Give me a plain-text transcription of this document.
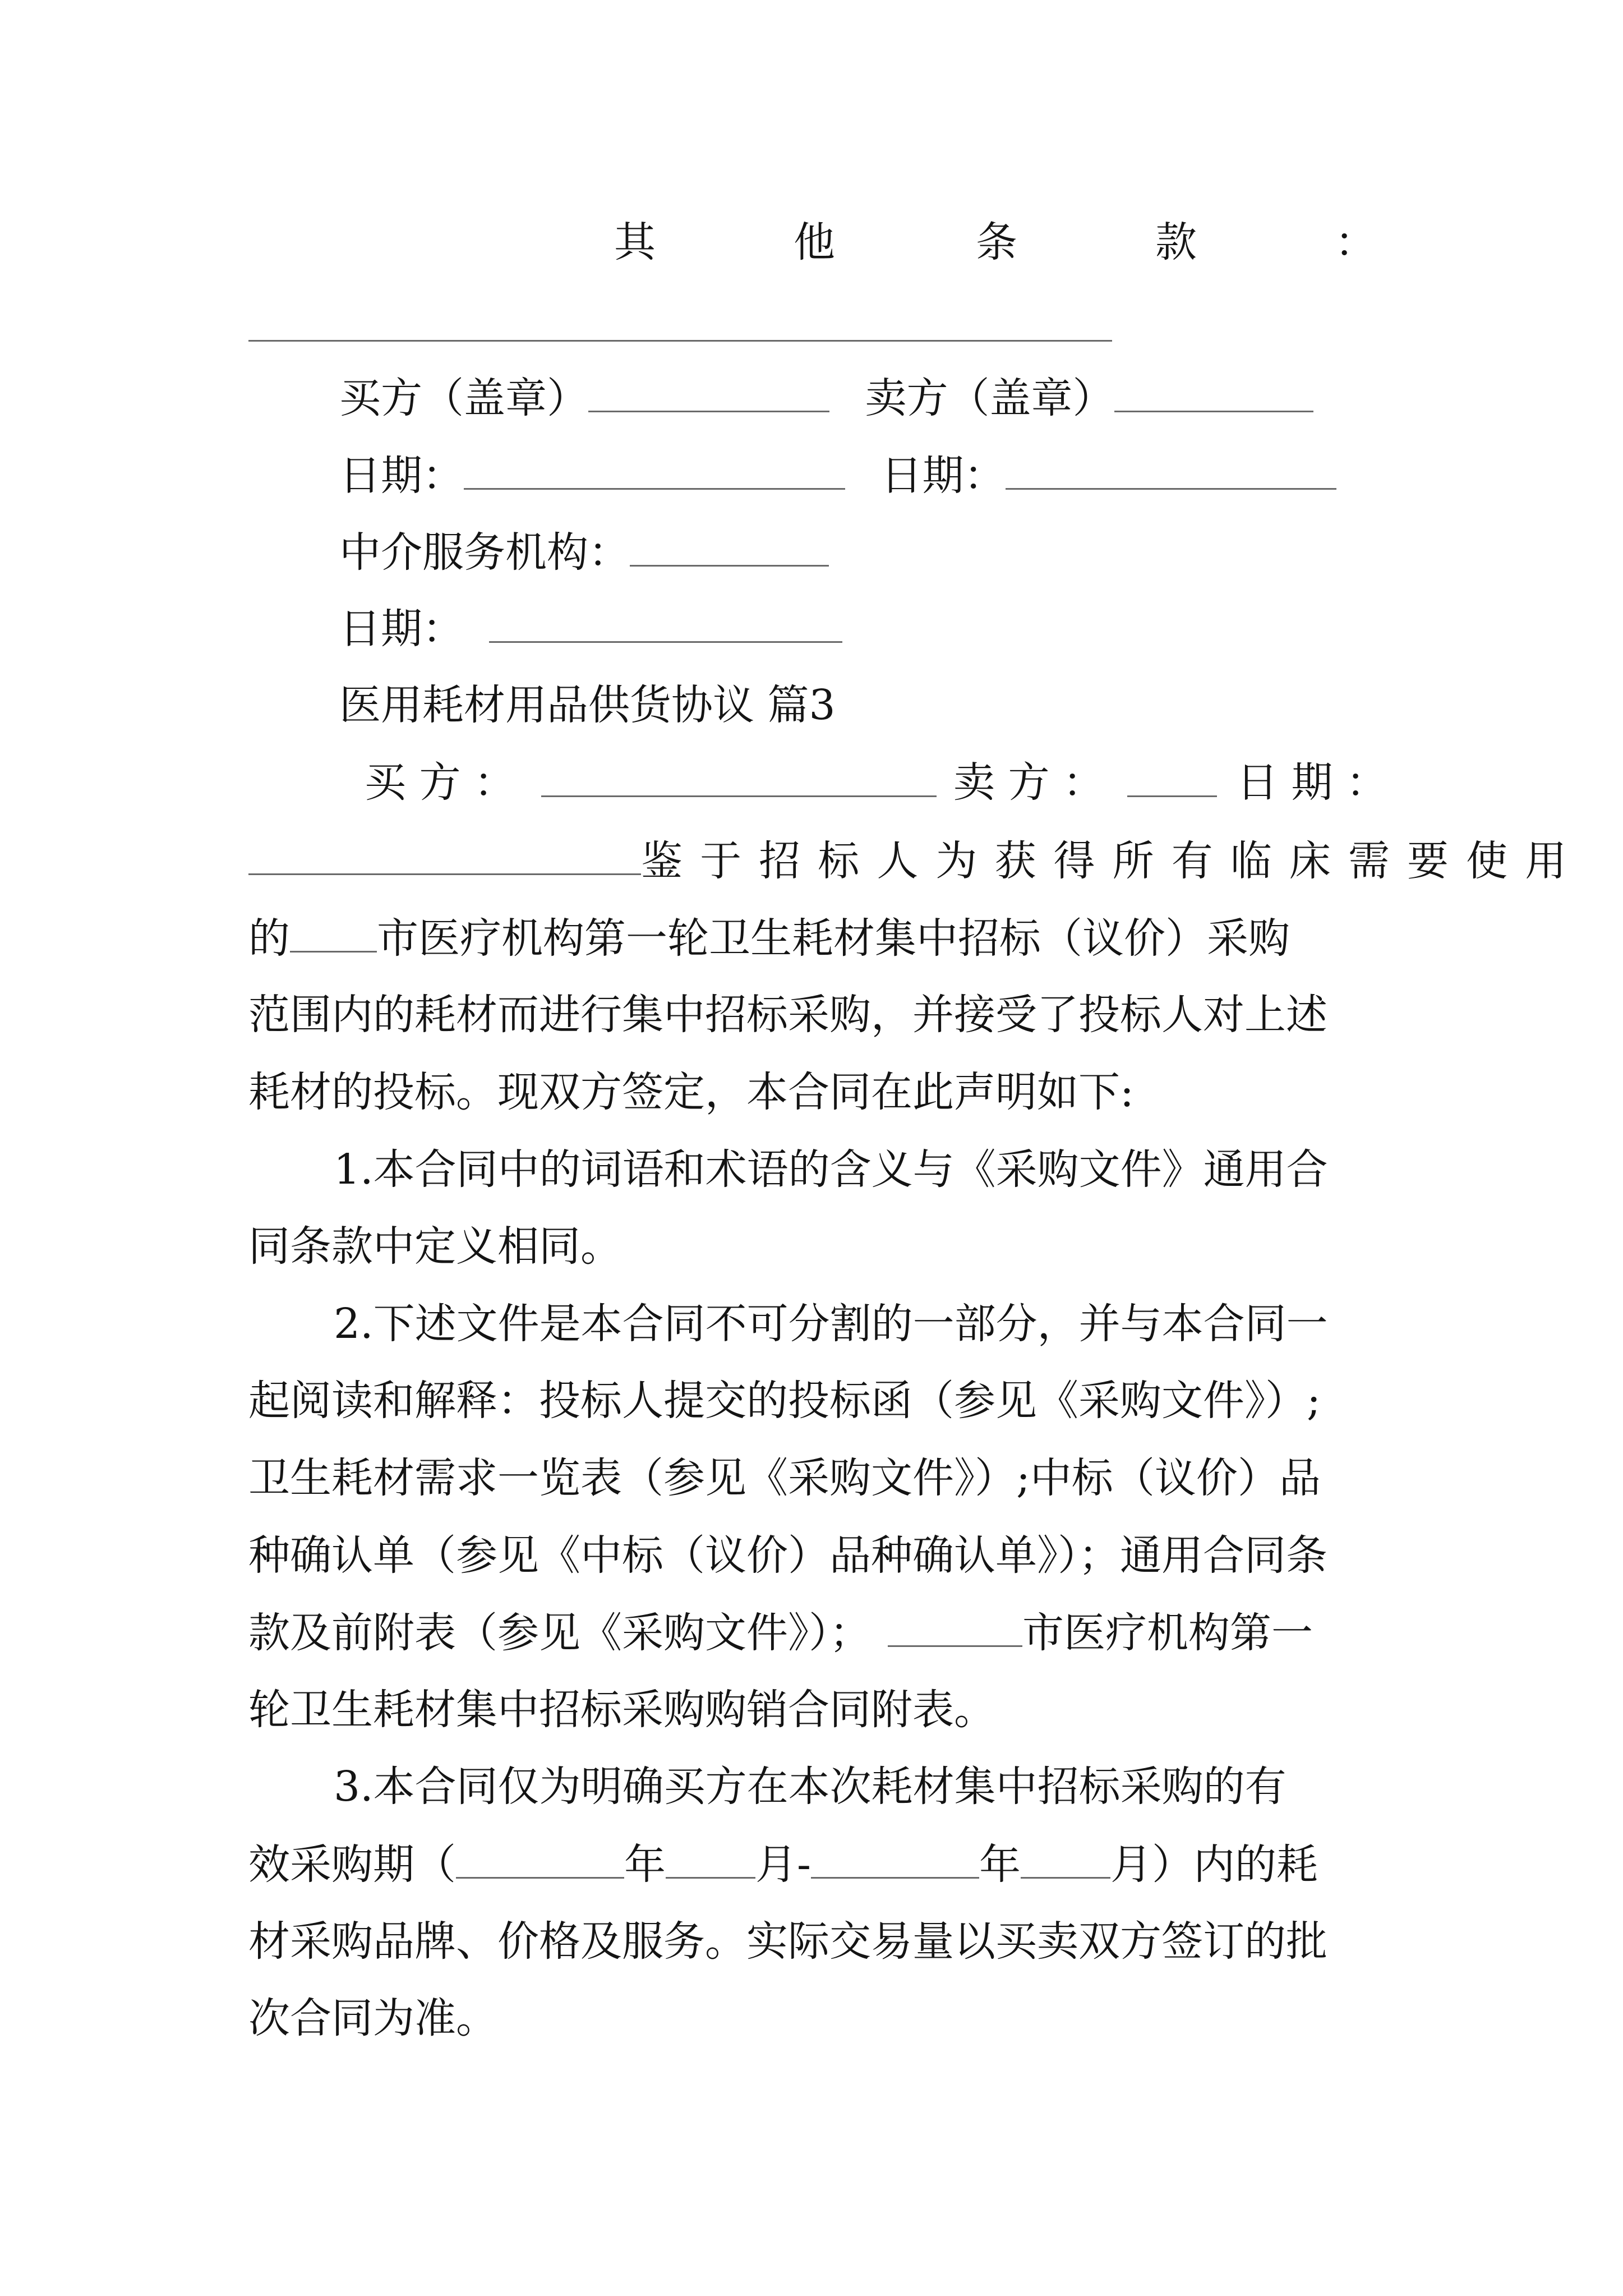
其	他	条	款	：
买方（盖章）	卖方（盖章）
日期：	日期：
中介服务机构：
日期：
医用耗材用品供货协议 篇3
买 方 ：	卖 方 ：	日 期 ：
鉴于招标人为获得所有临床需要使用
的 市医疗机构第一轮卫生耗材集中招标（议价）采购
范围内的耗材而进行集中招标采购，并接受了投标人对上述
耗材的投标。现双方签定，本合同在此声明如下:
1.本合同中的词语和术语的含义与《采购文件》通用合
同条款中定义相同。
2.下述文件是本合同不可分割的一部分，并与本合同一
起阅读和解释：投标人提交的投标函（参见《采购文件》）;
卫生耗材需求一览表（参见《采购文件》）;中标（议价）品
种确认单（参见《中标（议价）品种确认单》）；通用合同条
款及前附表（参见《采购文件》）；	市医疗机构第一
轮卫生耗材集中招标采购购销合同附表。
3.本合同仅为明确买方在本次耗材集中招标采购的有
效采购期（	年 月-	年 月）内的耗
材采购品牌、价格及服务。实际交易量以买卖双方签订的批
次合同为准。
